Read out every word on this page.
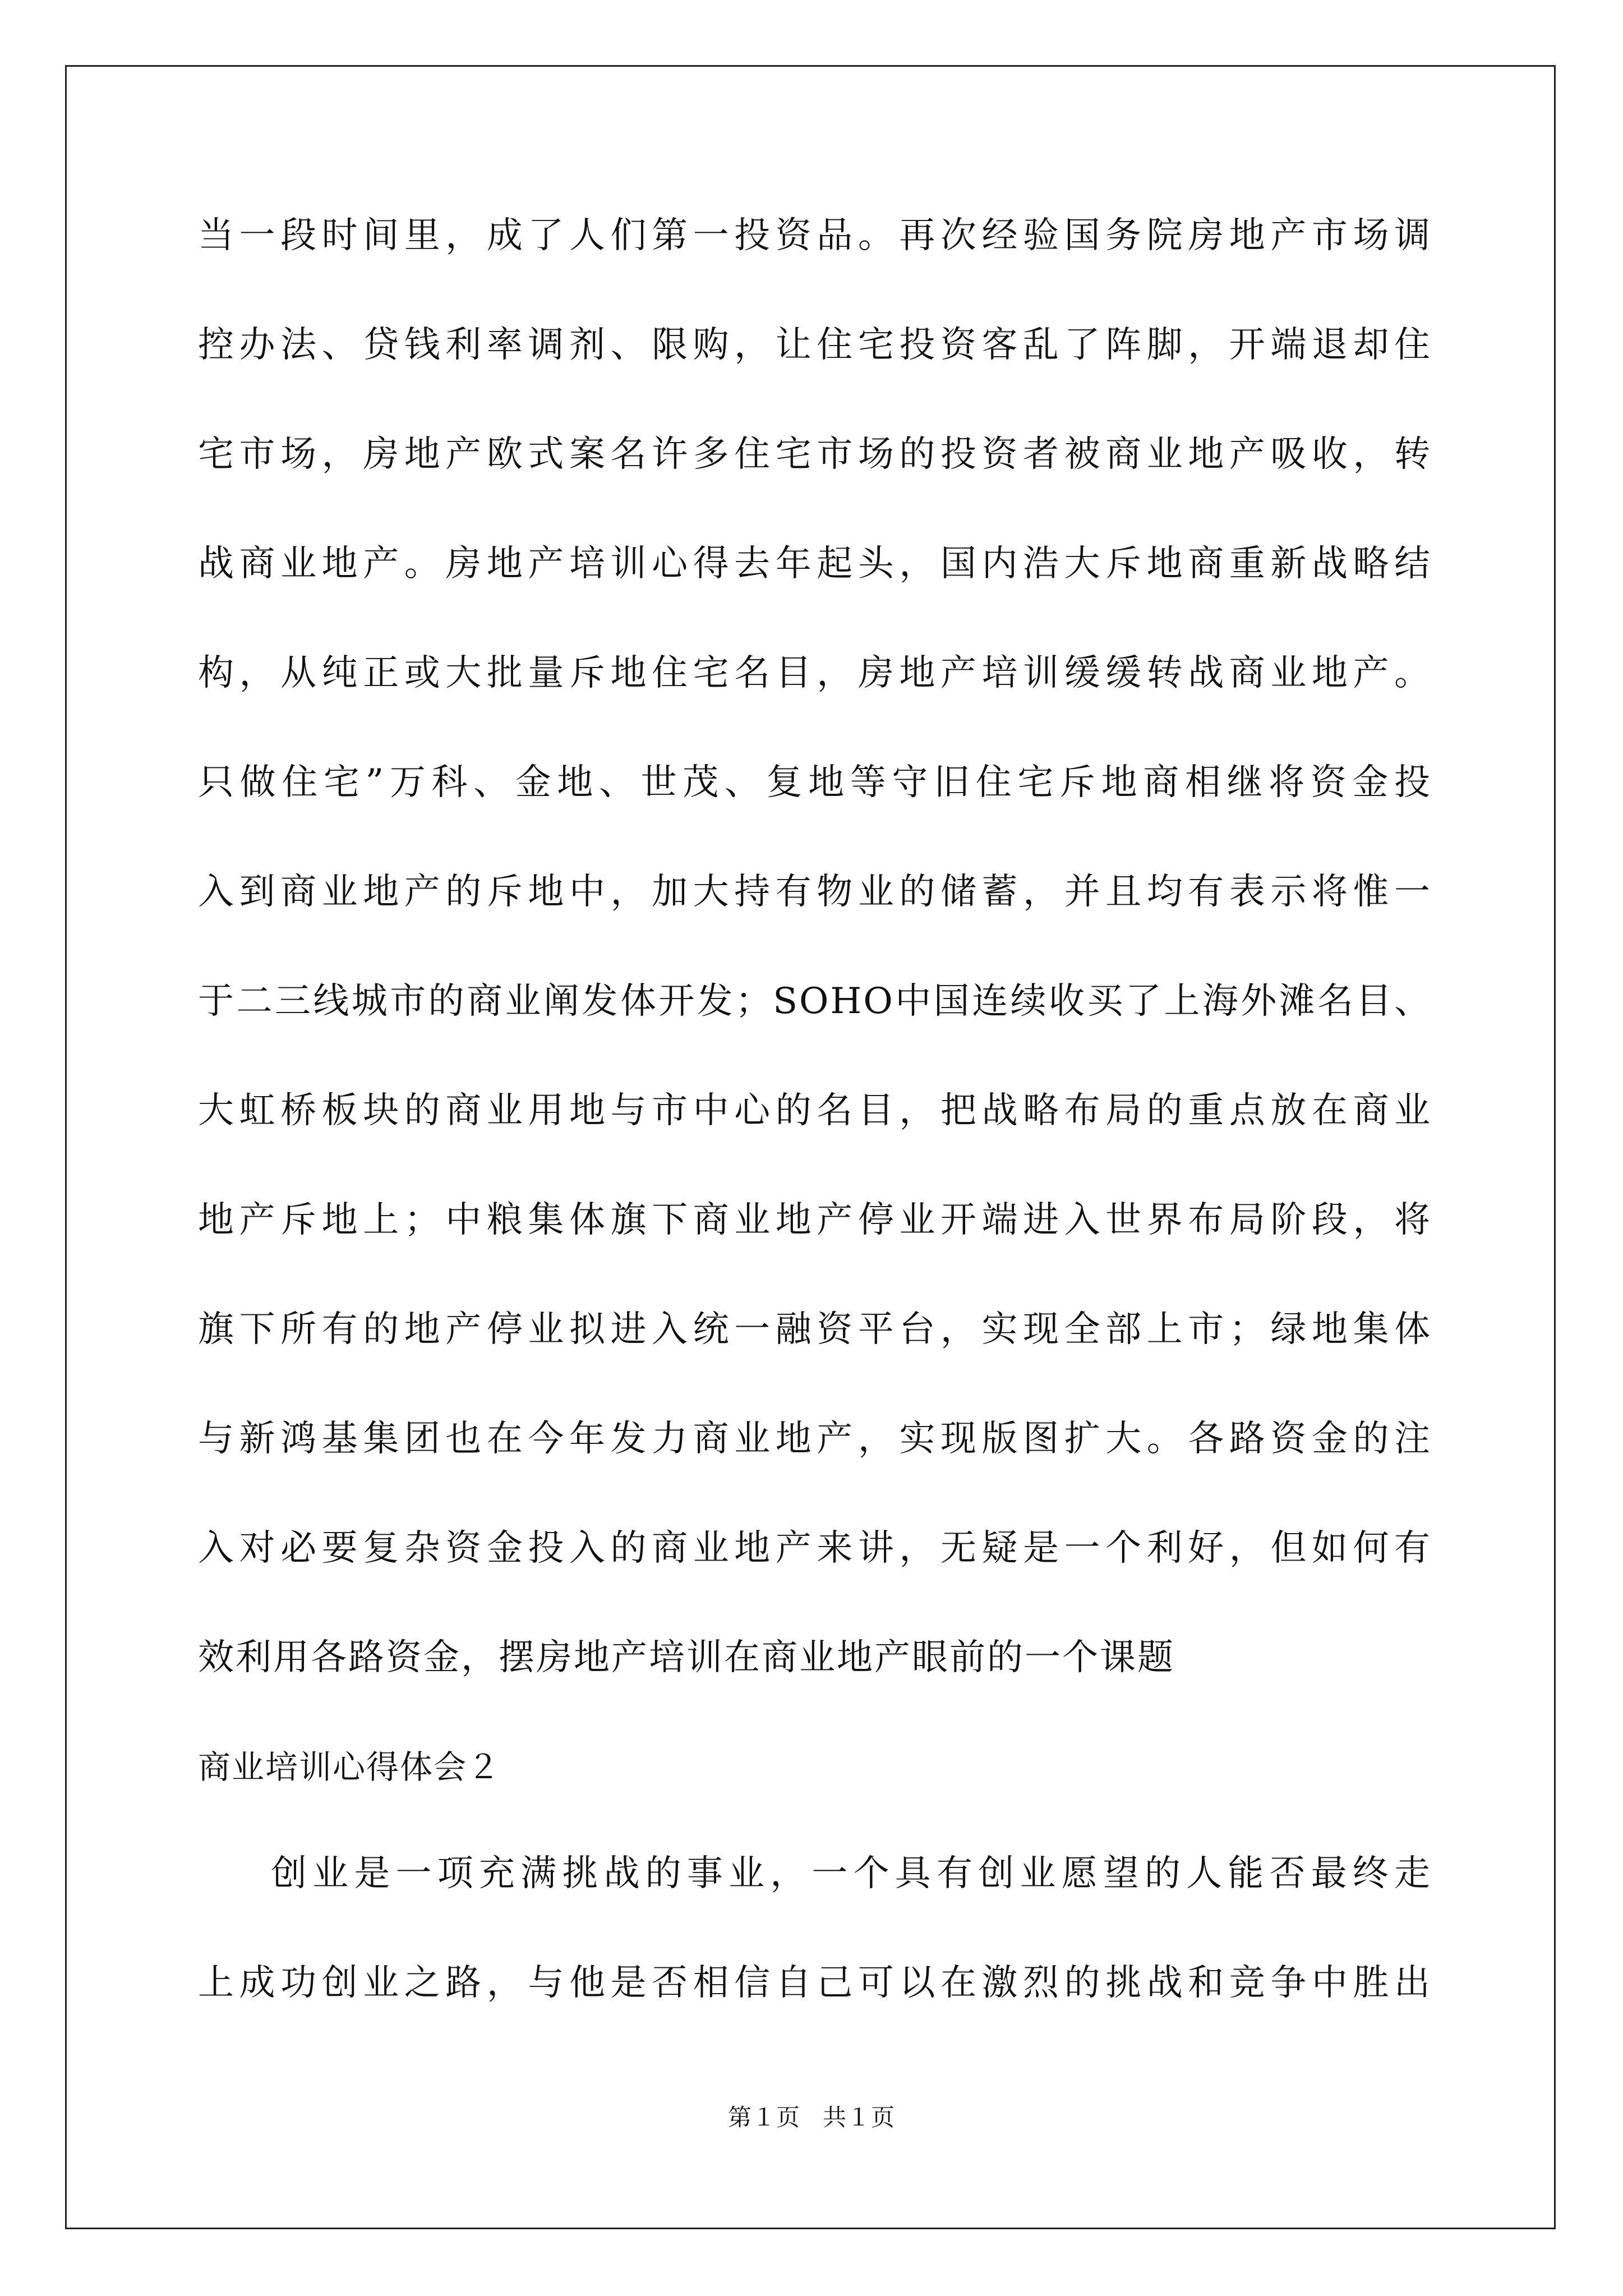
当一段时间里，成了人们第一投资品。再次经验国务院房地产市场调
控办法、贷钱利率调剂、限购，让住宅投资客乱了阵脚，开端退却住
宅市场，房地产欧式案名许多住宅市场的投资者被商业地产吸收，转
战商业地产。房地产培训心得去年起头，国内浩大斥地商重新战略结
构，从纯正或大批量斥地住宅名目，房地产培训缓缓转战商业地产。
只做住宅”万科、金地、世茂、复地等守旧住宅斥地商相继将资金投
入到商业地产的斥地中，加大持有物业的储蓄，并且均有表示将惟一
于二三线城市的商业阐发体开发；SOHO中国连续收买了上海外滩名目、
大虹桥板块的商业用地与市中心的名目，把战略布局的重点放在商业
地产斥地上；中粮集体旗下商业地产停业开端进入世界布局阶段，将
旗下所有的地产停业拟进入统一融资平台，实现全部上市；绿地集体
与新鸿基集团也在今年发力商业地产，实现版图扩大。各路资金的注
入对必要复杂资金投入的商业地产来讲，无疑是一个利好，但如何有
效利用各路资金，摆房地产培训在商业地产眼前的一个课题
商业培训心得体会２
创业是一项充满挑战的事业，一个具有创业愿望的人能否最终走
上成功创业之路，与他是否相信自己可以在激烈的挑战和竞争中胜出
第１页 共１页
